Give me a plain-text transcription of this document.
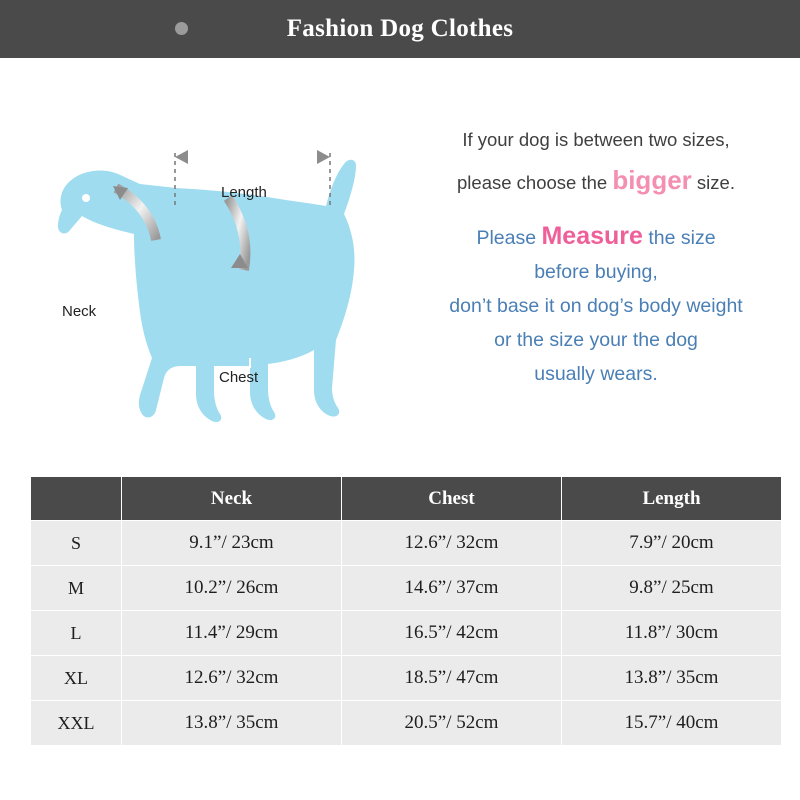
Fashion Dog Clothes
Length
Neck
Chest
If your dog is between two sizes,
please choose the bigger size.
Please Measure the size
before buying,
don’t base it on dog’s body weight
or the size your the dog
usually wears.
	Neck	Chest	Length
S	9.1”/ 23cm	12.6”/ 32cm	7.9”/ 20cm
M	10.2”/ 26cm	14.6”/ 37cm	9.8”/ 25cm
L	11.4”/ 29cm	16.5”/ 42cm	11.8”/ 30cm
XL	12.6”/ 32cm	18.5”/ 47cm	13.8”/ 35cm
XXL	13.8”/ 35cm	20.5”/ 52cm	15.7”/ 40cm
